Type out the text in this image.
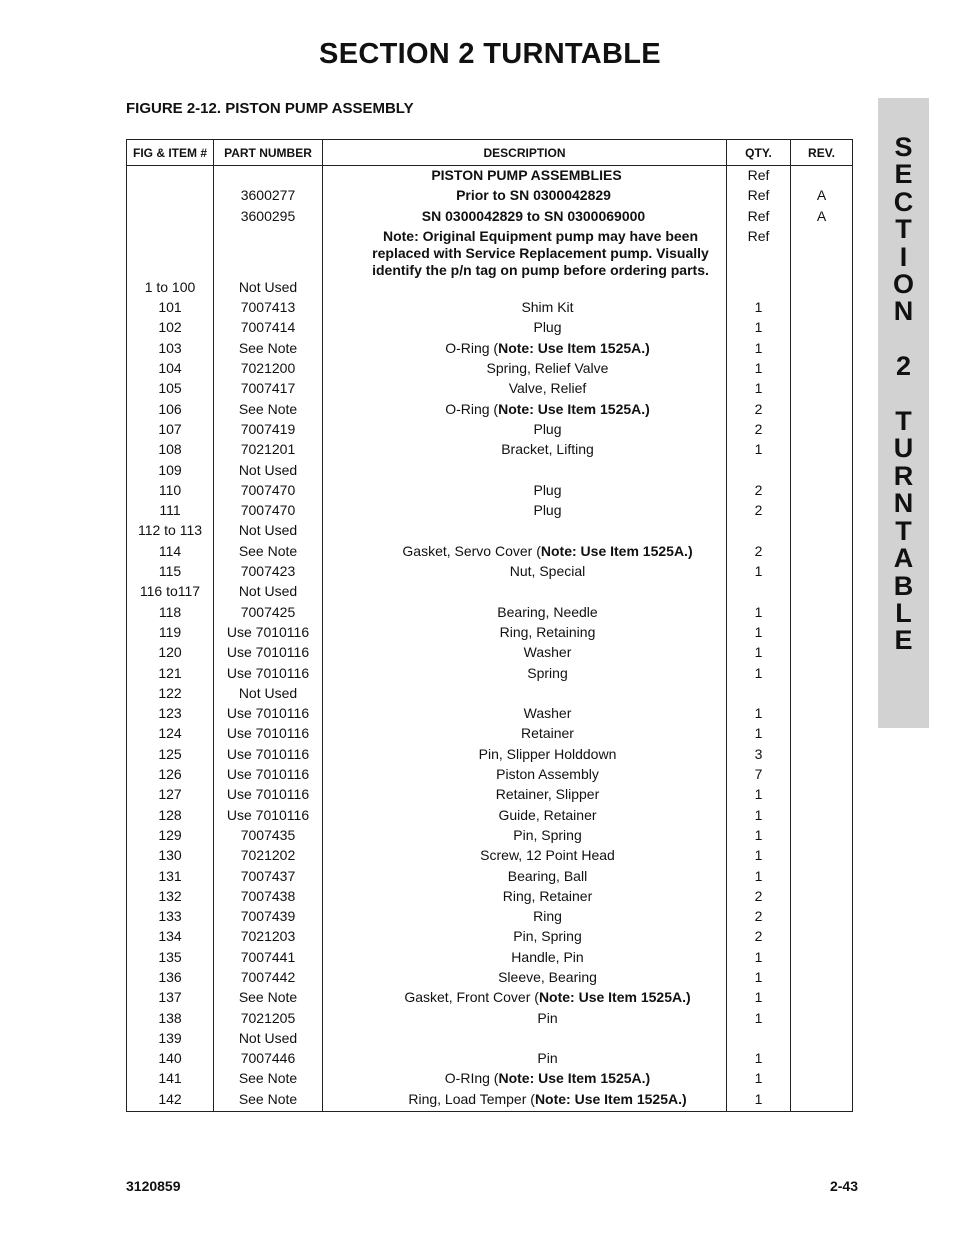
SECTION 2 TURNTABLE
FIGURE 2-12. PISTON PUMP ASSEMBLY
S
E
C
T
I
O
N

2

T
U
R
N
T
A
B
L
E
FIG & ITEM #	PART NUMBER	DESCRIPTION	QTY.	REV.
		PISTON PUMP ASSEMBLIES	Ref	
	3600277	Prior to SN 0300042829	Ref	A
	3600295	SN 0300042829 to SN 0300069000	Ref	A
		Note: Original Equipment pump may have been replaced with Service Replacement pump. Visually identify the p/n tag on pump before ordering parts.	Ref	
1 to 100	Not Used			
101	7007413	Shim Kit	1	
102	7007414	Plug	1	
103	See Note	O-Ring (Note: Use Item 1525A.)	1	
104	7021200	Spring, Relief Valve	1	
105	7007417	Valve, Relief	1	
106	See Note	O-Ring (Note: Use Item 1525A.)	2	
107	7007419	Plug	2	
108	7021201	Bracket, Lifting	1	
109	Not Used			
110	7007470	Plug	2	
111	7007470	Plug	2	
112 to 113	Not Used			
114	See Note	Gasket, Servo Cover (Note: Use Item 1525A.)	2	
115	7007423	Nut, Special	1	
116 to117	Not Used			
118	7007425	Bearing, Needle	1	
119	Use 7010116	Ring, Retaining	1	
120	Use 7010116	Washer	1	
121	Use 7010116	Spring	1	
122	Not Used			
123	Use 7010116	Washer	1	
124	Use 7010116	Retainer	1	
125	Use 7010116	Pin, Slipper Holddown	3	
126	Use 7010116	Piston Assembly	7	
127	Use 7010116	Retainer, Slipper	1	
128	Use 7010116	Guide, Retainer	1	
129	7007435	Pin, Spring	1	
130	7021202	Screw, 12 Point Head	1	
131	7007437	Bearing, Ball	1	
132	7007438	Ring, Retainer	2	
133	7007439	Ring	2	
134	7021203	Pin, Spring	2	
135	7007441	Handle, Pin	1	
136	7007442	Sleeve, Bearing	1	
137	See Note	Gasket, Front Cover (Note: Use Item 1525A.)	1	
138	7021205	Pin	1	
139	Not Used			
140	7007446	Pin	1	
141	See Note	O-RIng (Note: Use Item 1525A.)	1	
142	See Note	Ring, Load Temper (Note: Use Item 1525A.)	1	
3120859	2-43
